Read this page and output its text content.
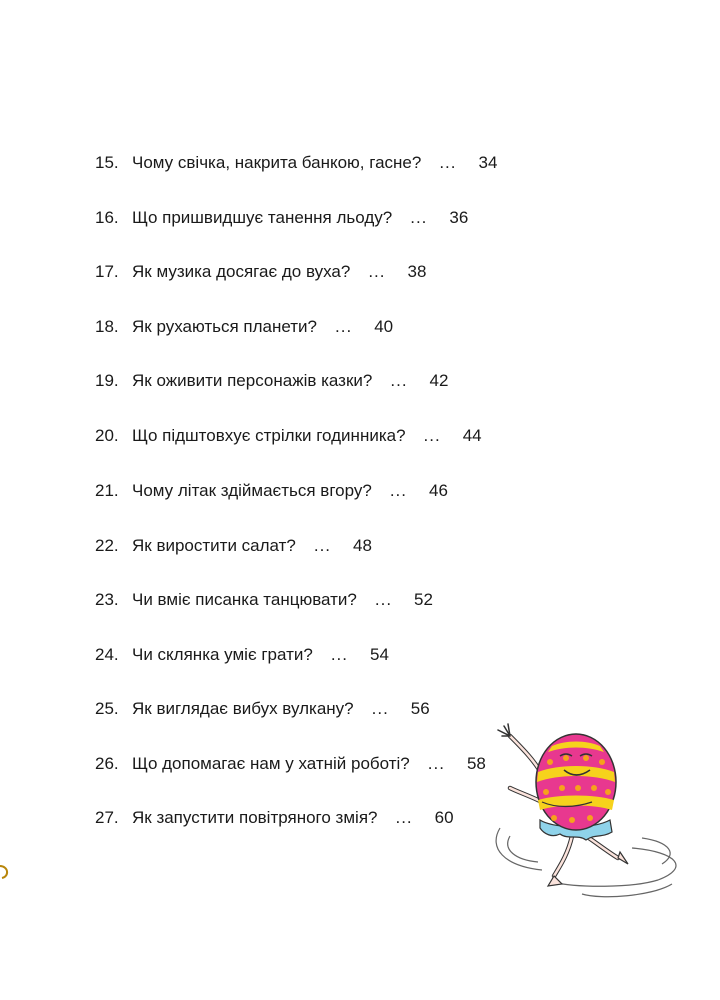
15. Чому свічка, накрита банкою, гасне? ... 34
16. Що пришвидшує танення льоду? ... 36
17. Як музика досягає до вуха? ... 38
18. Як рухаються планети? ... 40
19. Як оживити персонажів казки? ... 42
20. Що підштовхує стрілки годинника? ... 44
21. Чому літак здіймається вгору? ... 46
22. Як виростити салат? ... 48
23. Чи вміє писанка танцювати? ... 52
24. Чи склянка уміє грати? ... 54
25. Як виглядає вибух вулкану? ... 56
26. Що допомагає нам у хатній роботі? ... 58
27. Як запустити повітряного змія? ... 60
